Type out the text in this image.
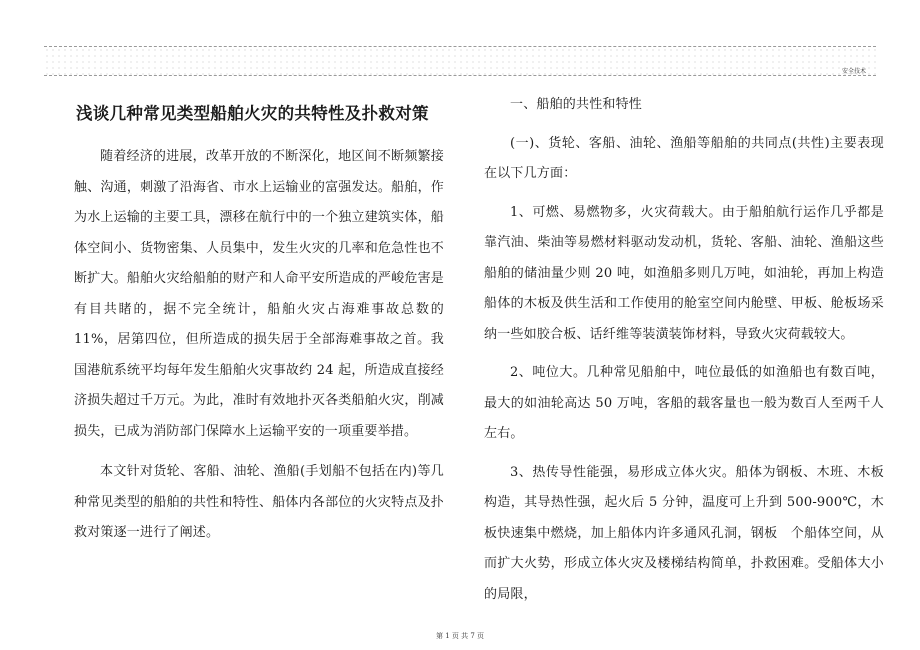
安全技术
浅谈几种常见类型船舶火灾的共特性及扑救对策

随着经济的进展，改革开放的不断深化，地区间不断频繁接触、沟通，刺激了沿海省、市水上运输业的富强发达。船舶，作为水上运输的主要工具，漂移在航行中的一个独立建筑实体，船体空间小、货物密集、人员集中，发生火灾的几率和危急性也不断扩大。船舶火灾给船舶的财产和人命平安所造成的严峻危害是有目共睹的，据不完全统计，船舶火灾占海难事故总数的11%，居第四位，但所造成的损失居于全部海难事故之首。我国港航系统平均每年发生船舶火灾事故约 24 起，所造成直接经济损失超过千万元。为此，准时有效地扑灭各类船舶火灾，削减损失，已成为消防部门保障水上运输平安的一项重要举措。

本文针对货轮、客船、油轮、渔船(手划船不包括在内)等几种常见类型的船舶的共性和特性、船体内各部位的火灾特点及扑救对策逐一进行了阐述。

一、船舶的共性和特性

(一)、货轮、客船、油轮、渔船等船舶的共同点(共性)主要表现在以下几方面：

1、可燃、易燃物多，火灾荷载大。由于船舶航行运作几乎都是靠汽油、柴油等易燃材料驱动发动机，货轮、客船、油轮、渔船这些船舶的储油量少则 20 吨，如渔船多则几万吨，如油轮，再加上构造船体的木板及供生活和工作使用的舱室空间内舱壁、甲板、舱板场采纳一些如胶合板、话纤维等装潢装饰材料，导致火灾荷载较大。

2、吨位大。几种常见船舶中，吨位最低的如渔船也有数百吨，最大的如油轮高达 50 万吨，客船的载客量也一般为数百人至两千人左右。

3、热传导性能强，易形成立体火灾。船体为钢板、木班、木板构造，其导热性强，起火后 5 分钟，温度可上升到 500-900℃，木板快速集中燃烧，加上船体内许多通风孔洞，钢板　个船体空间，从而扩大火势，形成立体火灾及楼梯结构简单，扑救困难。受船体大小的局限，

第 1 页 共 7 页
